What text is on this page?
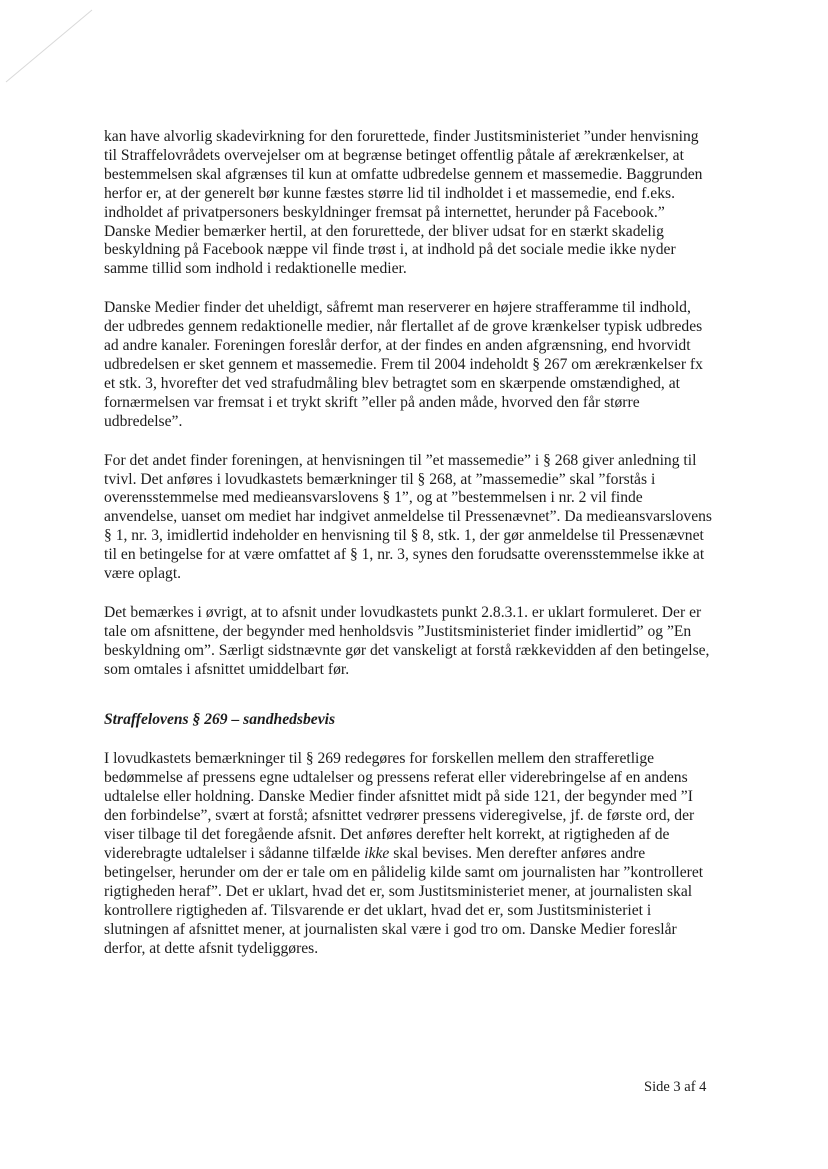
kan have alvorlig skadevirkning for den forurettede, finder Justitsministeriet ”under henvisning til Straffelovrådets overvejelser om at begrænse betinget offentlig påtale af ærekrænkelser, at bestemmelsen skal afgrænses til kun at omfatte udbredelse gennem et massemedie. Baggrunden herfor er, at der generelt bør kunne fæstes større lid til indholdet i et massemedie, end f.eks. indholdet af privatpersoners beskyldninger fremsat på internettet, herunder på Facebook.” Danske Medier bemærker hertil, at den forurettede, der bliver udsat for en stærkt skadelig beskyldning på Facebook næppe vil finde trøst i, at indhold på det sociale medie ikke nyder samme tillid som indhold i redaktionelle medier.

Danske Medier finder det uheldigt, såfremt man reserverer en højere strafferamme til indhold, der udbredes gennem redaktionelle medier, når flertallet af de grove krænkelser typisk udbredes ad andre kanaler. Foreningen foreslår derfor, at der findes en anden afgrænsning, end hvorvidt udbredelsen er sket gennem et massemedie. Frem til 2004 indeholdt § 267 om ærekrænkelser fx et stk. 3, hvorefter det ved strafudmåling blev betragtet som en skærpende omstændighed, at fornærmelsen var fremsat i et trykt skrift ”eller på anden måde, hvorved den får større udbredelse”.

For det andet finder foreningen, at henvisningen til ”et massemedie” i § 268 giver anledning til tvivl. Det anføres i lovudkastets bemærkninger til § 268, at ”massemedie” skal ”forstås i overensstemmelse med medieansvarslovens § 1”, og at ”bestemmelsen i nr. 2 vil finde anvendelse, uanset om mediet har indgivet anmeldelse til Pressenævnet”. Da medieansvarslovens § 1, nr. 3, imidlertid indeholder en henvisning til § 8, stk. 1, der gør anmeldelse til Pressenævnet til en betingelse for at være omfattet af § 1, nr. 3, synes den forudsatte overensstemmelse ikke at være oplagt.

Det bemærkes i øvrigt, at to afsnit under lovudkastets punkt 2.8.3.1. er uklart formuleret. Der er tale om afsnittene, der begynder med henholdsvis ”Justitsministeriet finder imidlertid” og ”En beskyldning om”. Særligt sidstnævnte gør det vanskeligt at forstå rækkevidden af den betingelse, som omtales i afsnittet umiddelbart før.

Straffelovens § 269 – sandhedsbevis

I lovudkastets bemærkninger til § 269 redegøres for forskellen mellem den strafferetlige bedømmelse af pressens egne udtalelser og pressens referat eller viderebringelse af en andens udtalelse eller holdning. Danske Medier finder afsnittet midt på side 121, der begynder med ”I den forbindelse”, svært at forstå; afsnittet vedrører pressens videregivelse, jf. de første ord, der viser tilbage til det foregående afsnit. Det anføres derefter helt korrekt, at rigtigheden af de viderebragte udtalelser i sådanne tilfælde ikke skal bevises. Men derefter anføres andre betingelser, herunder om der er tale om en pålidelig kilde samt om journalisten har ”kontrolleret rigtigheden heraf”. Det er uklart, hvad det er, som Justitsministeriet mener, at journalisten skal kontrollere rigtigheden af. Tilsvarende er det uklart, hvad det er, som Justitsministeriet i slutningen af afsnittet mener, at journalisten skal være i god tro om. Danske Medier foreslår derfor, at dette afsnit tydeliggøres.

Side 3 af 4
